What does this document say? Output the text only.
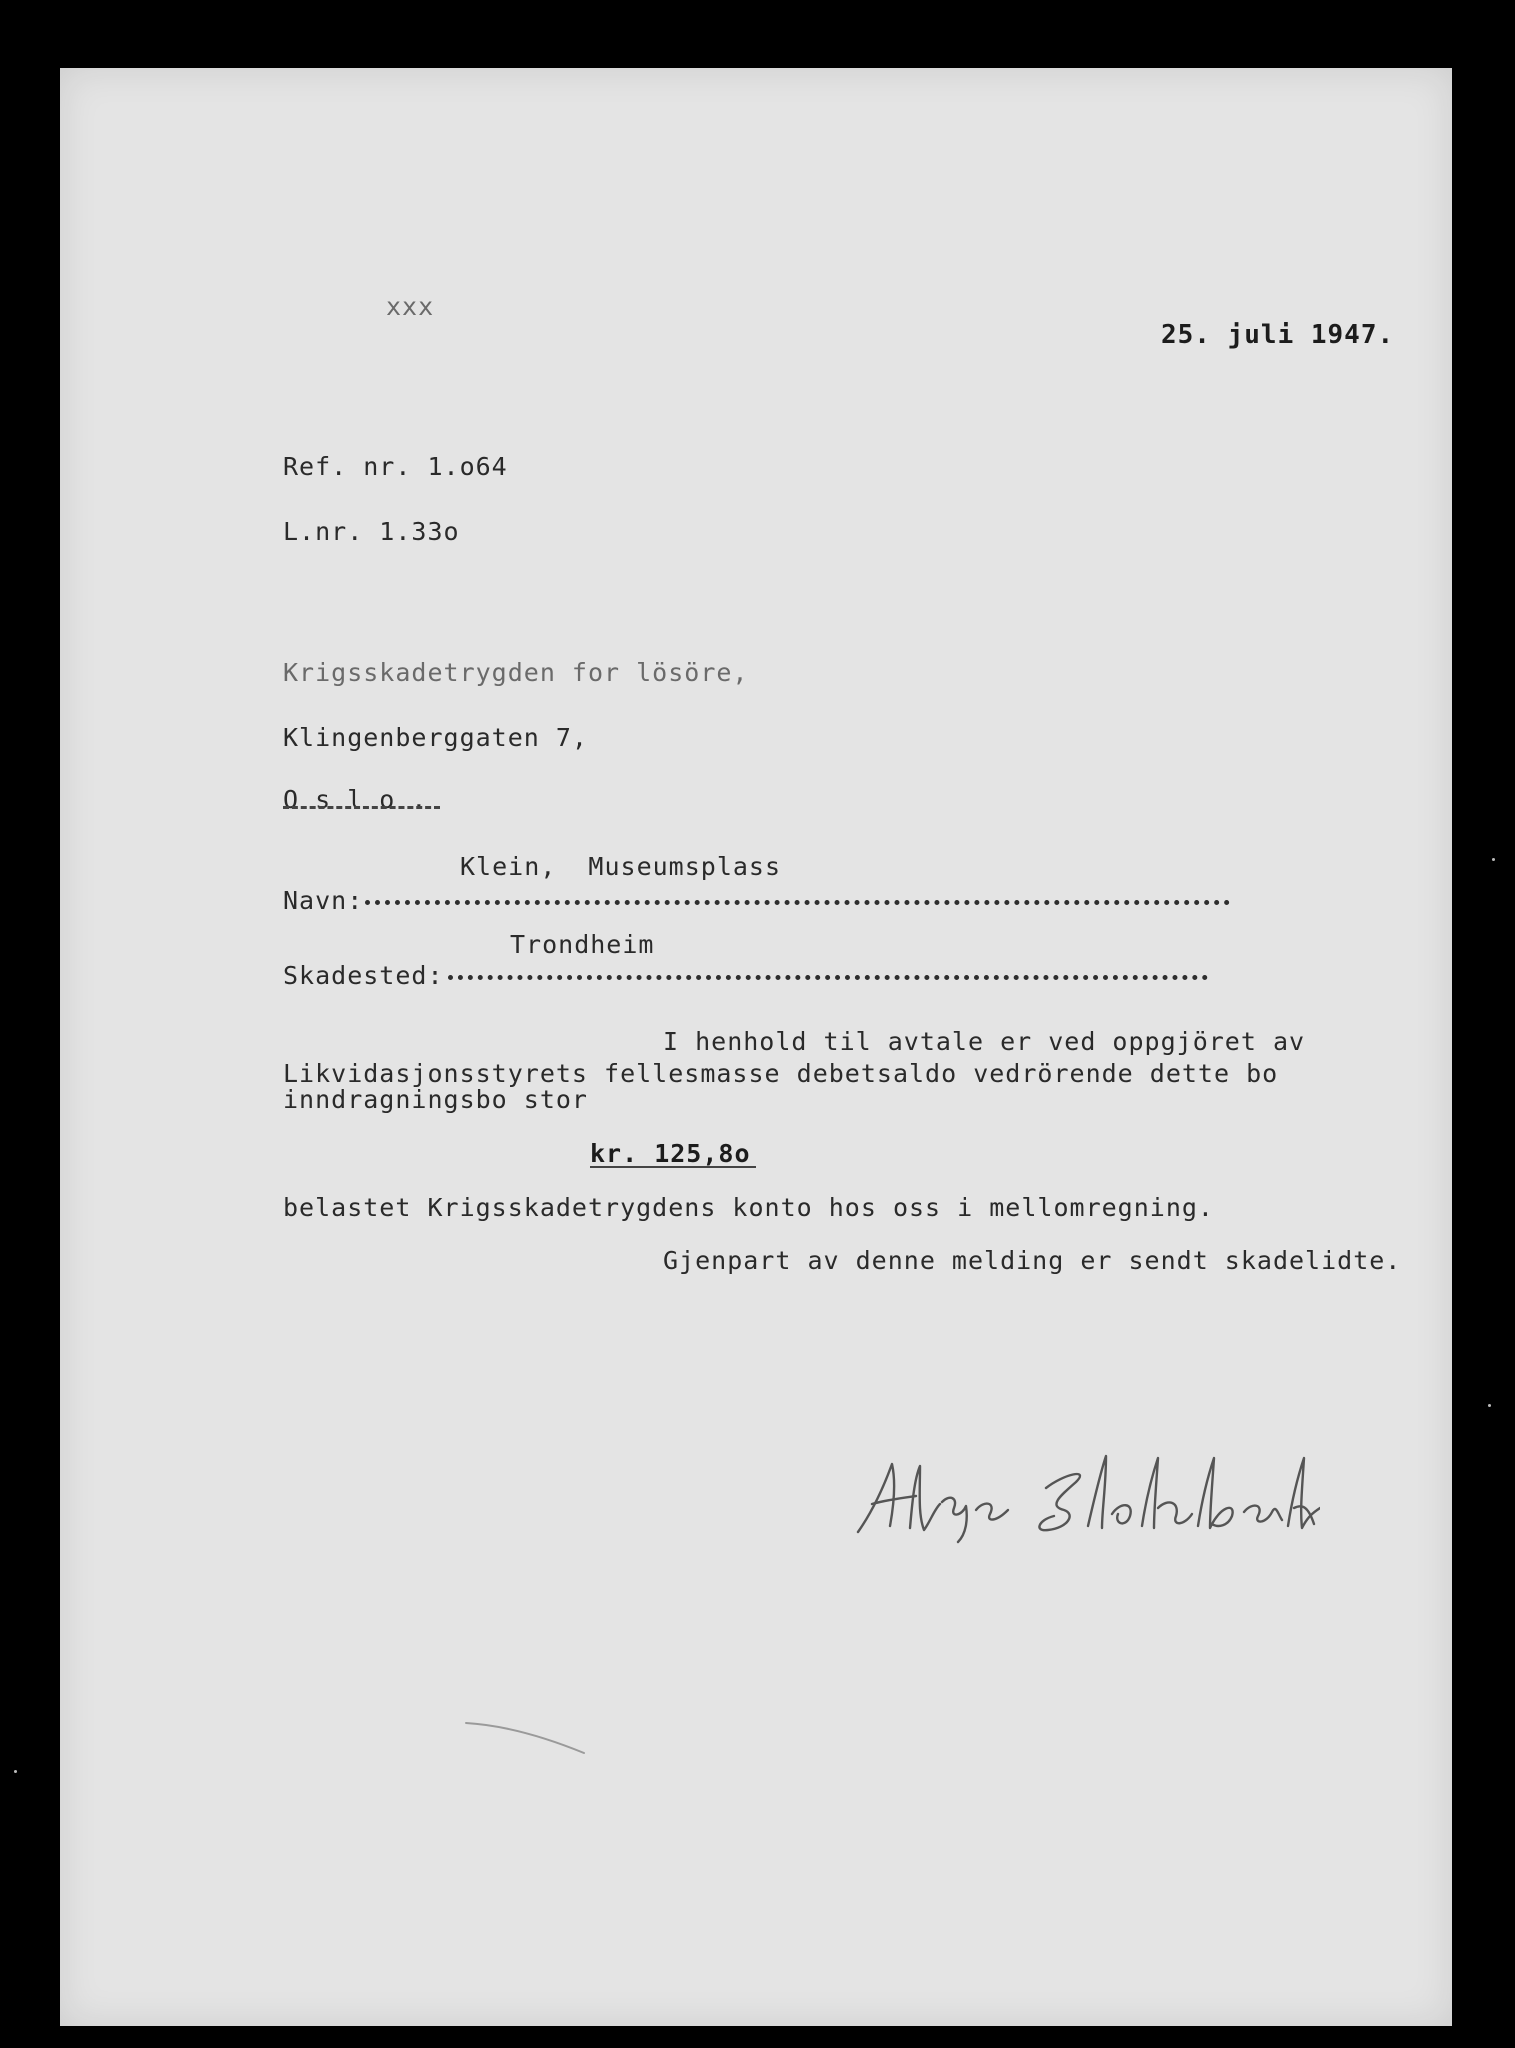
xxx
25. juli 1947.
Ref. nr. 1.o64
L.nr. 1.33o
Krigsskadetrygden for lösöre,
Klingenberggaten 7,
O s l o .
Klein,  Museumsplass
Navn:
Trondheim
Skadested:
I henhold til avtale er ved oppgjöret av
Likvidasjonsstyrets fellesmasse debetsaldo vedrörende dette bo
inndragningsbo stor
kr. 125,8o
belastet Krigsskadetrygdens konto hos oss i mellomregning.
Gjenpart av denne melding er sendt skadelidte.
